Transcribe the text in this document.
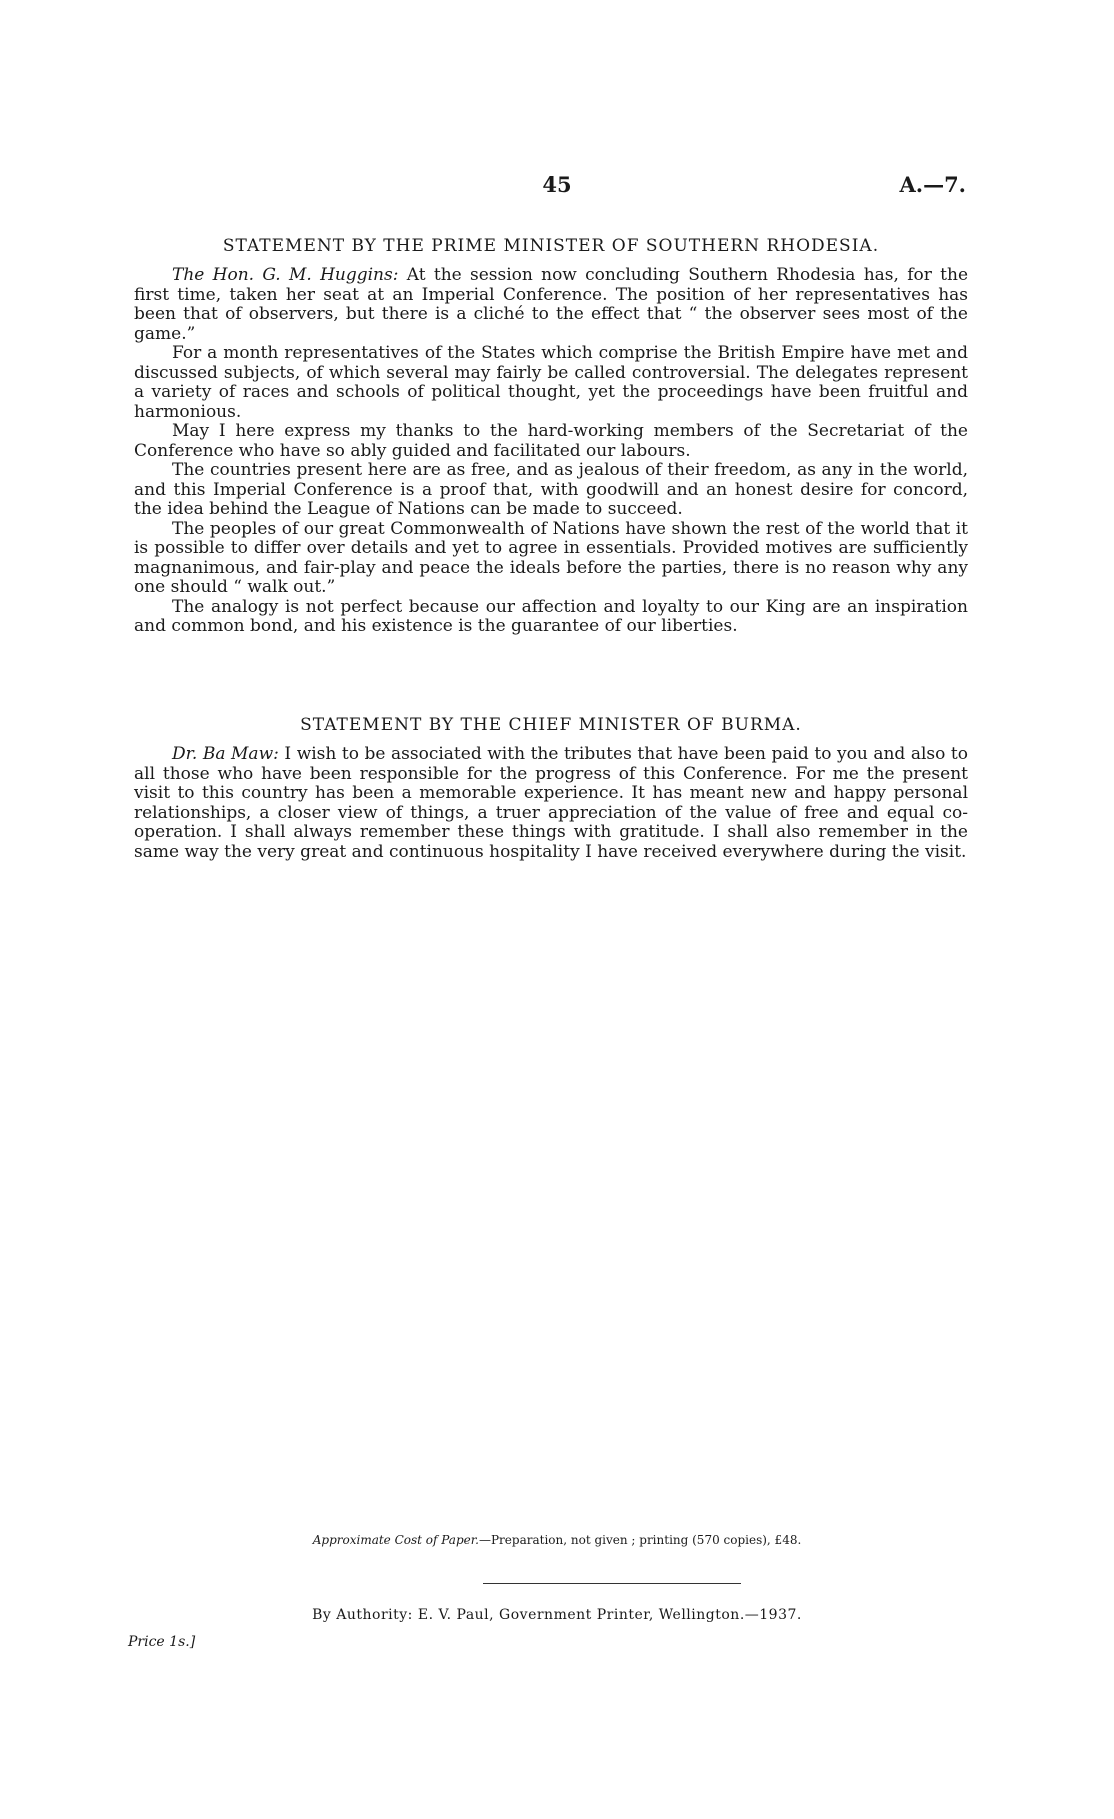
45	A.—7.
STATEMENT BY THE PRIME MINISTER OF SOUTHERN RHODESIA.

The Hon. G. M. Huggins: At the session now concluding Southern Rhodesia has, for the first time, taken her seat at an Imperial Conference. The position of her representatives has been that of observers, but there is a cliché to the effect that “ the observer sees most of the game.”

For a month representatives of the States which comprise the British Empire have met and discussed subjects, of which several may fairly be called controversial. The delegates represent a variety of races and schools of political thought, yet the proceedings have been fruitful and harmonious.

May I here express my thanks to the hard-working members of the Secretariat of the Conference who have so ably guided and facilitated our labours.

The countries present here are as free, and as jealous of their freedom, as any in the world, and this Imperial Conference is a proof that, with goodwill and an honest desire for concord, the idea behind the League of Nations can be made to succeed.

The peoples of our great Commonwealth of Nations have shown the rest of the world that it is possible to differ over details and yet to agree in essentials. Provided motives are sufficiently magnanimous, and fair-play and peace the ideals before the parties, there is no reason why any one should “ walk out.”

The analogy is not perfect because our affection and loyalty to our King are an inspiration and common bond, and his existence is the guarantee of our liberties.

STATEMENT BY THE CHIEF MINISTER OF BURMA.

Dr. Ba Maw: I wish to be associated with the tributes that have been paid to you and also to all those who have been responsible for the progress of this Conference. For me the present visit to this country has been a memorable experience. It has meant new and happy personal relationships, a closer view of things, a truer appreciation of the value of free and equal co-operation. I shall always remember these things with gratitude. I shall also remember in the same way the very great and continuous hospitality I have received everywhere during the visit.

Approximate Cost of Paper.—Preparation, not given ; printing (570 copies), £48.
By Authority: E. V. Paul, Government Printer, Wellington.—1937.
Price 1s.]
